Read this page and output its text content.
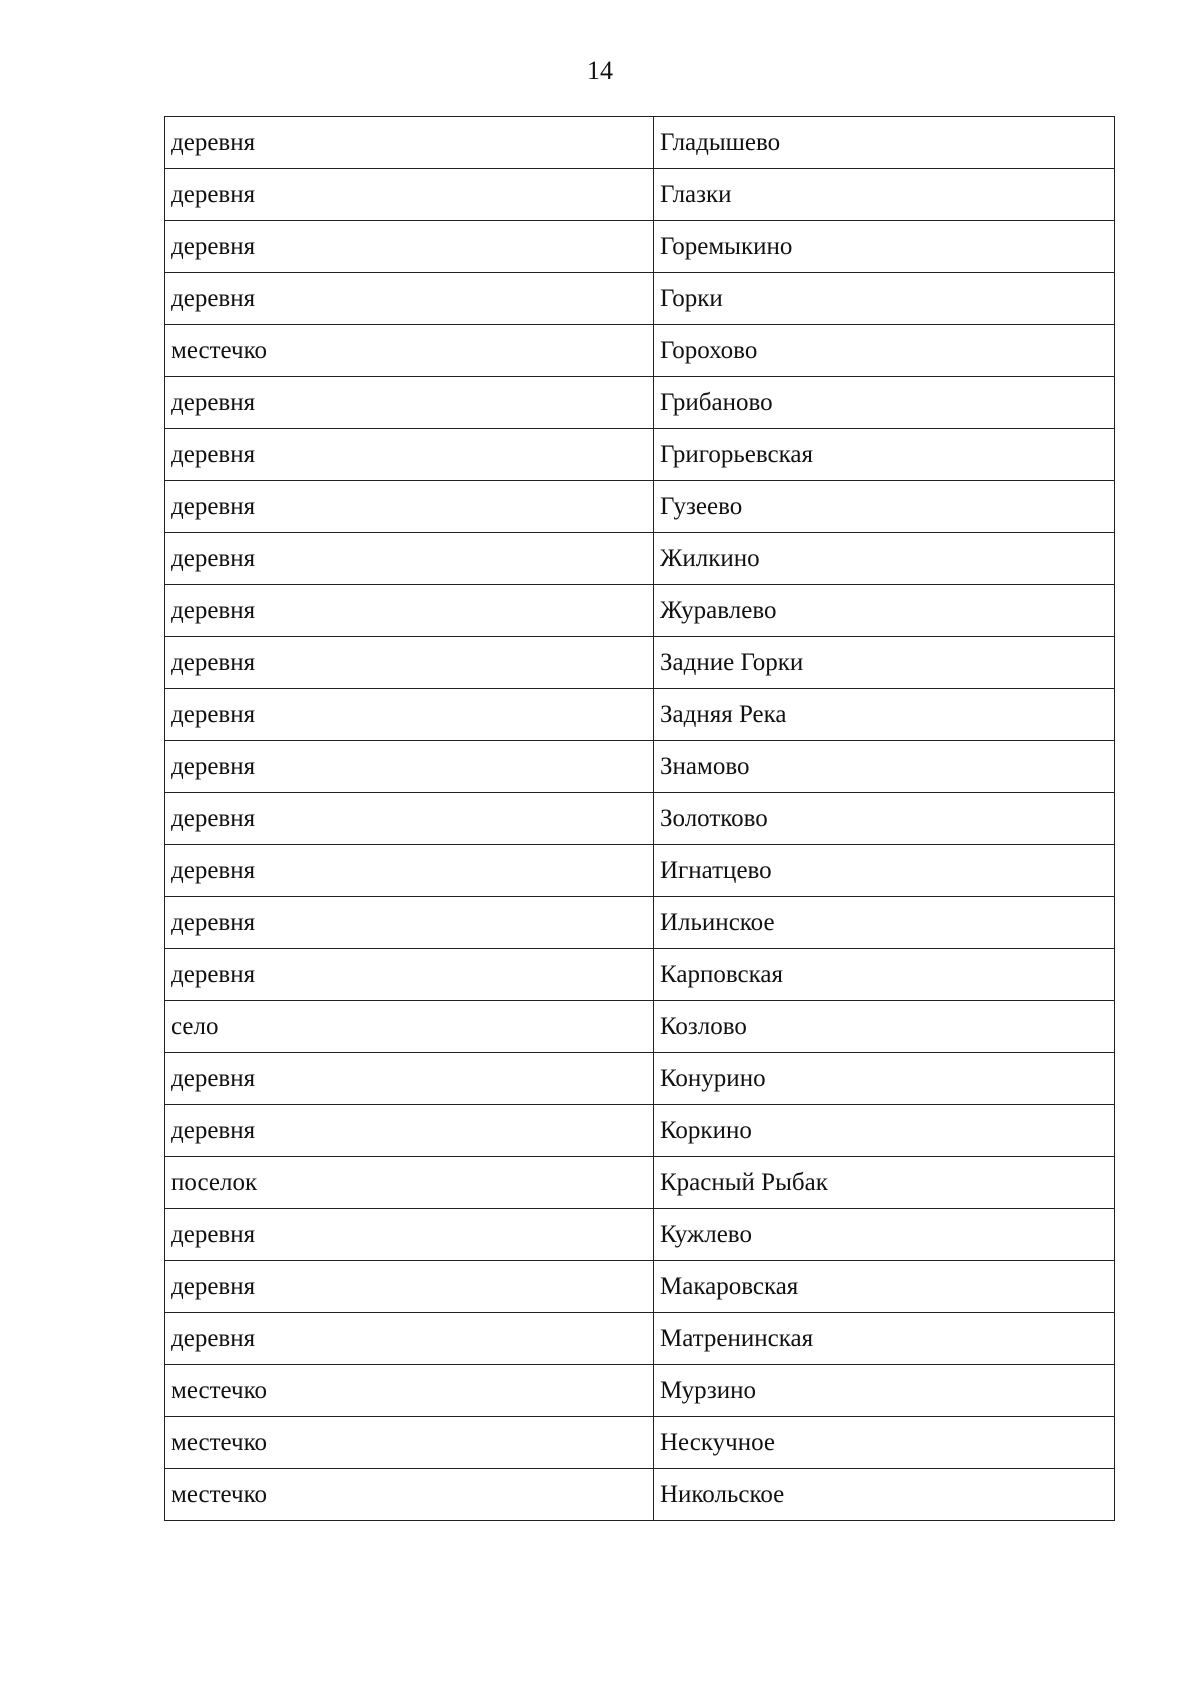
14
деревня	Гладышево
деревня	Глазки
деревня	Горемыкино
деревня	Горки
местечко	Горохово
деревня	Грибаново
деревня	Григорьевская
деревня	Гузеево
деревня	Жилкино
деревня	Журавлево
деревня	Задние Горки
деревня	Задняя Река
деревня	Знамово
деревня	Золотково
деревня	Игнатцево
деревня	Ильинское
деревня	Карповская
село	Козлово
деревня	Конурино
деревня	Коркино
поселок	Красный Рыбак
деревня	Кужлево
деревня	Макаровская
деревня	Матренинская
местечко	Мурзино
местечко	Нескучное
местечко	Никольское
